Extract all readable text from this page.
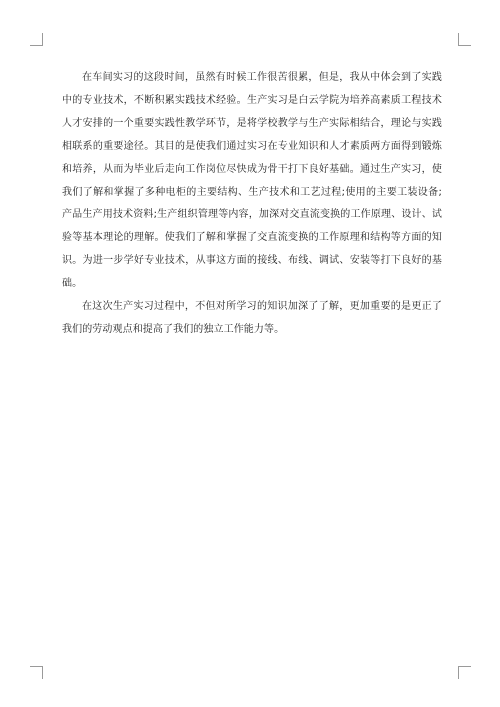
在车间实习的这段时间，虽然有时候工作很苦很累，但是，我从中体会到了实践中的专业技术，不断积累实践技术经验。生产实习是白云学院为培养高素质工程技术人才安排的一个重要实践性教学环节，是将学校教学与生产实际相结合，理论与实践相联系的重要途径。其目的是使我们通过实习在专业知识和人才素质两方面得到锻炼和培养，从而为毕业后走向工作岗位尽快成为骨干打下良好基础。通过生产实习，使我们了解和掌握了多种电柜的主要结构、生产技术和工艺过程;使用的主要工装设备;产品生产用技术资料;生产组织管理等内容，加深对交直流变换的工作原理、设计、试验等基本理论的理解。使我们了解和掌握了交直流变换的工作原理和结构等方面的知识。为进一步学好专业技术，从事这方面的接线、布线、调试、安装等打下良好的基础。

在这次生产实习过程中，不但对所学习的知识加深了了解，更加重要的是更正了我们的劳动观点和提高了我们的独立工作能力等。
